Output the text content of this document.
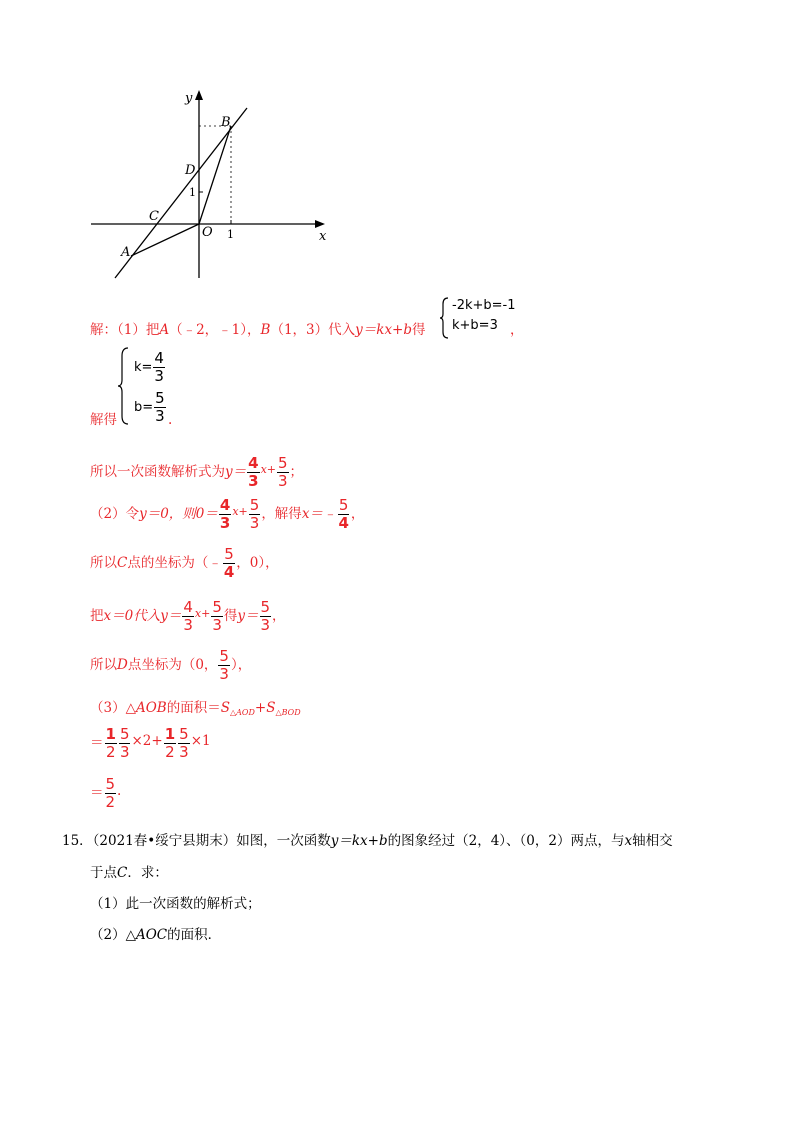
y
x
B
D
C
O
A
1
1
解：（1）把A（﹣2，﹣1），B（1，3）代入y＝kx+b得
-2k+b=-1
k+b=3 ，
$k= \frac{4}{3}$
$b= \frac{5}{3}$
解得	.
所以一次函数解析式为 $y= \frac{4}{3} x+ \frac{5}{3}$ ；
（2）令 y＝0，则$0= \frac{4}{3} x+ \frac{5}{3}$ ，解得 x＝﹣ $\frac{5}{4}$ ，
所以 C 点的坐标为（﹣ $\frac{5}{4}$ ，0），
把 x＝0代入 $y= \frac{4}{3} x+ \frac{5}{3}$ 得 $y= \frac{5}{3}$ ，
所以 D 点坐标为（0， $\frac{5}{3}$ ），
（3）△AOB的面积$=S_{\triangle AOD}+S_{\triangle BOD}$
＝ $\frac{1}{2} \frac{5}{3} \times 2+ \frac{1}{2} \frac{5}{3} \times 1$
＝ $\frac{5}{2}$ .
15．（2021春•绥宁县期末）如图，一次函数y＝kx+b的图象经过（2，4）、（0，2）两点，与x轴相交
于点C．求：
（1）此一次函数的解析式；
（2）△AOC的面积．
